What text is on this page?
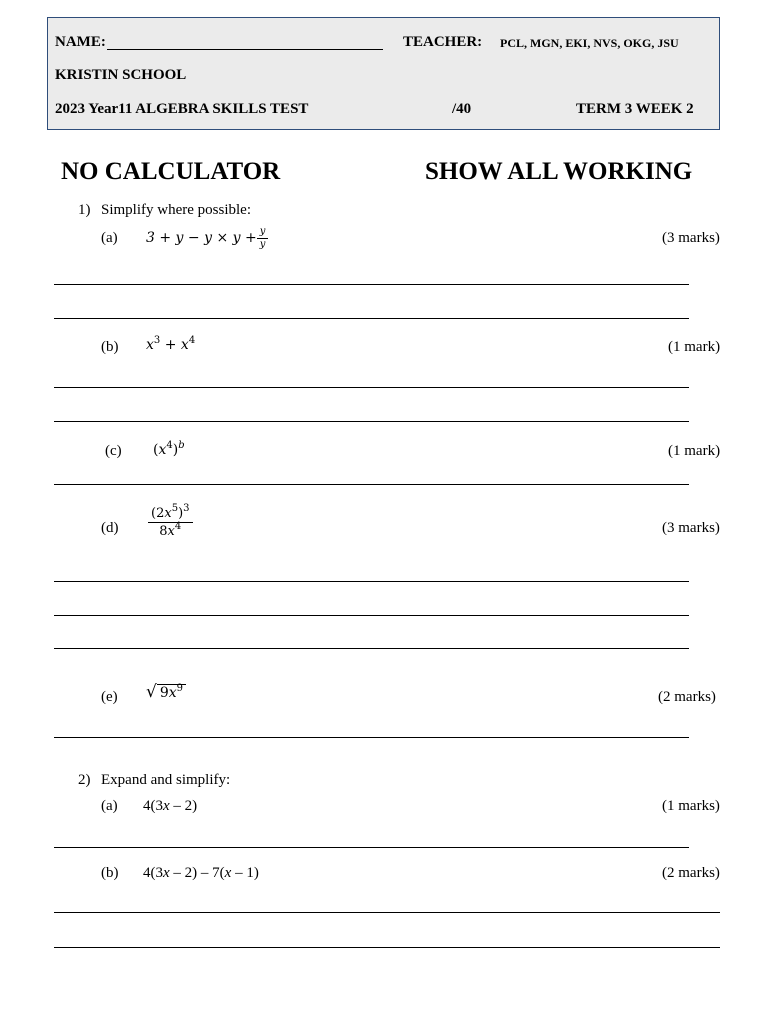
NAME:	TEACHER: PCL, MGN, EKI, NVS, OKG, JSU
KRISTIN SCHOOL
2023 Year11 ALGEBRA SKILLS TEST	/40	TERM 3 WEEK 2
NO CALCULATOR	SHOW ALL WORKING
1) Simplify where possible:
(a) $3 + y - y \times y + \frac{y}{y}$	(3 marks)
(b) $x^3 + x^4$	(1 mark)
(c) $(x^4)^b$	(1 mark)
$(d) \frac{(2x^5)^3}{8x^4}$	(3 marks)
(e) √ $9x^9$
(2 marks)
2) Expand and simplify:
(a) 4(3x – 2)	(1 marks)
(b) 4(3x – 2) – 7(x – 1)	(2 marks)
